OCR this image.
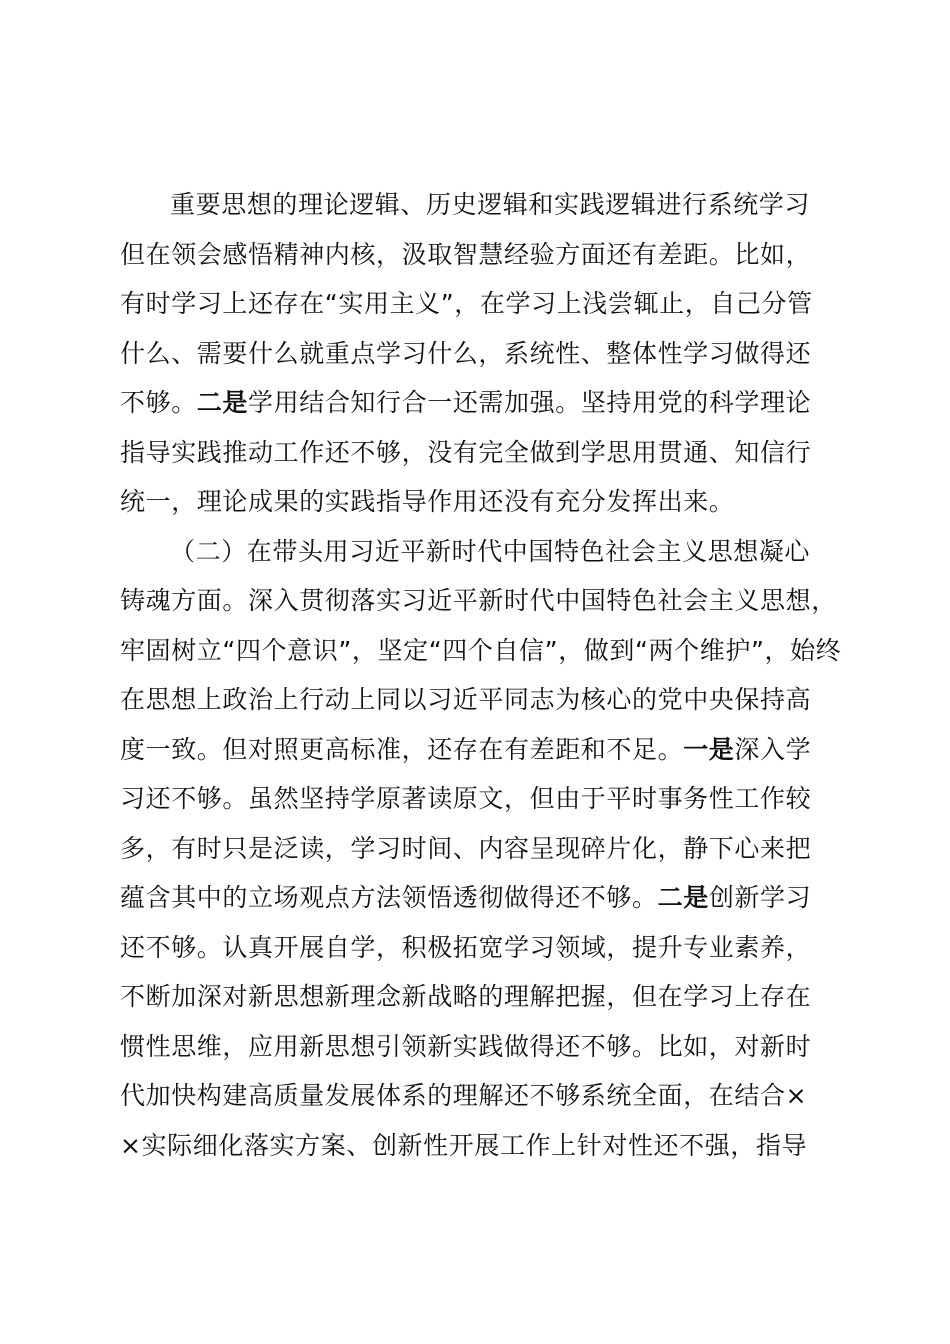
重要思想的理论逻辑、历史逻辑和实践逻辑进行系统学习
但在领会感悟精神内核，汲取智慧经验方面还有差距。比如，
有时学习上还存在“实用主义”，在学习上浅尝辄止，自己分管
什么、需要什么就重点学习什么，系统性、整体性学习做得还
不够。二是学用结合知行合一还需加强。坚持用党的科学理论
指导实践推动工作还不够，没有完全做到学思用贯通、知信行
统一，理论成果的实践指导作用还没有充分发挥出来。
（二）在带头用习近平新时代中国特色社会主义思想凝心
铸魂方面。深入贯彻落实习近平新时代中国特色社会主义思想，
牢固树立“四个意识”，坚定“四个自信”，做到“两个维护”，始终
在思想上政治上行动上同以习近平同志为核心的党中央保持高
度一致。但对照更高标准，还存在有差距和不足。一是深入学
习还不够。虽然坚持学原著读原文，但由于平时事务性工作较
多，有时只是泛读，学习时间、内容呈现碎片化，静下心来把
蕴含其中的立场观点方法领悟透彻做得还不够。二是创新学习
还不够。认真开展自学，积极拓宽学习领域，提升专业素养，
不断加深对新思想新理念新战略的理解把握，但在学习上存在
惯性思维，应用新思想引领新实践做得还不够。比如，对新时
代加快构建高质量发展体系的理解还不够系统全面，在结合×
×实际细化落实方案、创新性开展工作上针对性还不强，指导
